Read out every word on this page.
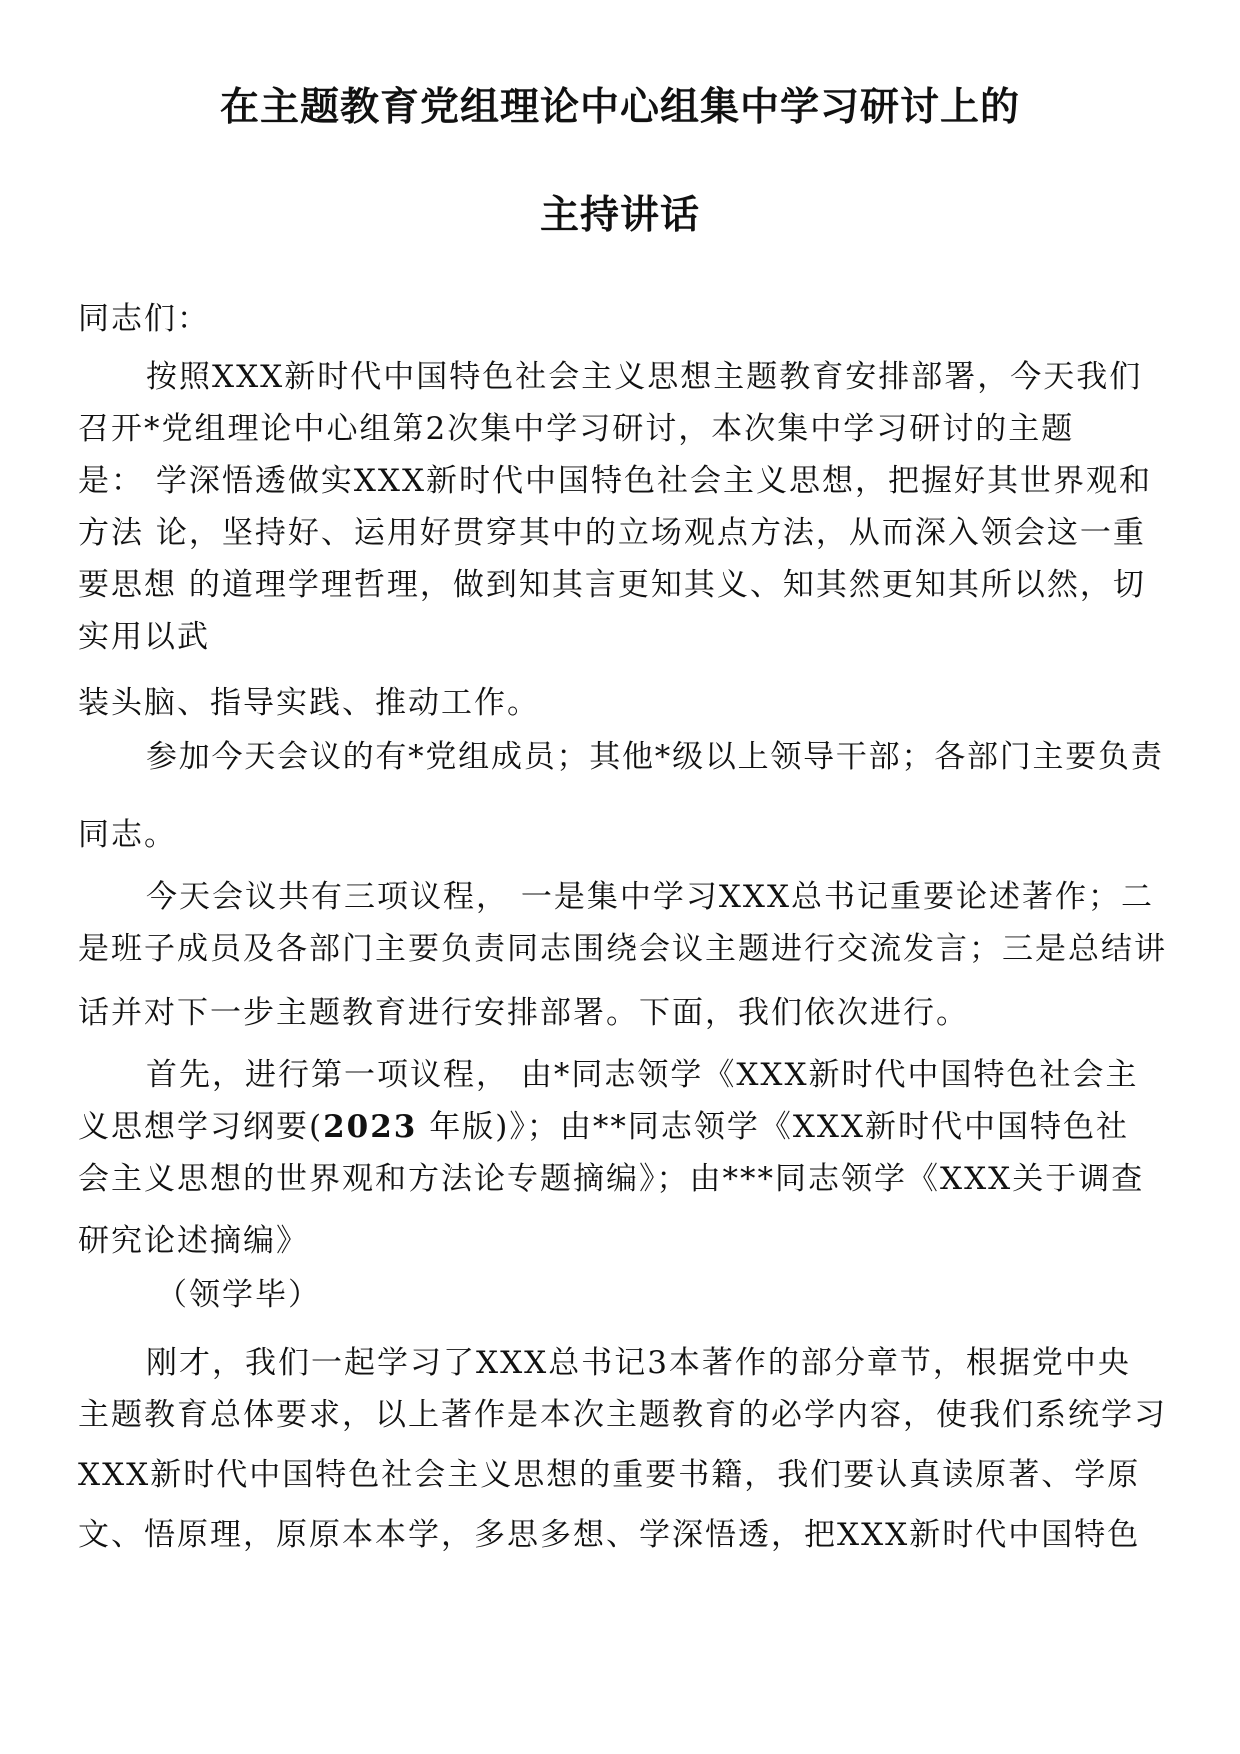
在主题教育党组理论中心组集中学习研讨上的
主持讲话
同志们：
按照XXX新时代中国特色社会主义思想主题教育安排部署，今天我们
召开*党组理论中心组第2次集中学习研讨，本次集中学习研讨的主题
是： 学深悟透做实XXX新时代中国特色社会主义思想，把握好其世界观和
方法 论，坚持好、运用好贯穿其中的立场观点方法，从而深入领会这一重
要思想 的道理学理哲理，做到知其言更知其义、知其然更知其所以然，切
实用以武
装头脑、指导实践、推动工作。
参加今天会议的有*党组成员；其他*级以上领导干部；各部门主要负责
同志。
今天会议共有三项议程， 一是集中学习XXX总书记重要论述著作；二
是班子成员及各部门主要负责同志围绕会议主题进行交流发言；三是总结讲
话并对下一步主题教育进行安排部署。下面，我们依次进行。
首先，进行第一项议程， 由*同志领学《XXX新时代中国特色社会主
义思想学习纲要(2023 年版)》；由**同志领学《XXX新时代中国特色社
会主义思想的世界观和方法论专题摘编》；由***同志领学《XXX关于调查
研究论述摘编》
（领学毕）
刚才，我们一起学习了XXX总书记3本著作的部分章节，根据党中央
主题教育总体要求，以上著作是本次主题教育的必学内容，使我们系统学习
XXX新时代中国特色社会主义思想的重要书籍，我们要认真读原著、学原
文、悟原理，原原本本学，多思多想、学深悟透，把XXX新时代中国特色
